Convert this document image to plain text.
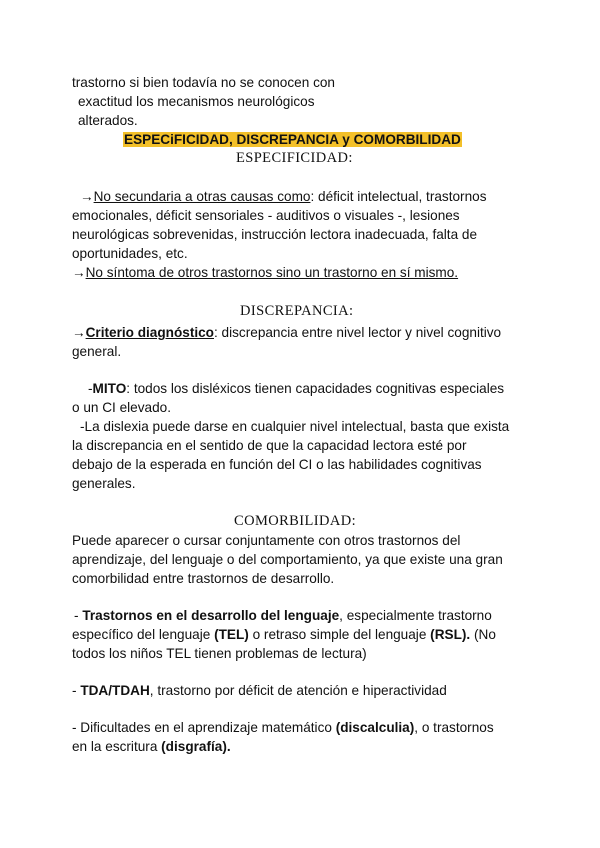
trastorno si bien todavía no se conocen con
exactitud los mecanismos neurológicos
alterados.
ESPECiFICIDAD, DISCREPANCIA y COMORBILIDAD
ESPECIFICIDAD:
→No secundaria a otras causas como: déficit intelectual, trastornos
emocionales, déficit sensoriales - auditivos o visuales -, lesiones
neurológicas sobrevenidas, instrucción lectora inadecuada, falta de
oportunidades, etc.
→No síntoma de otros trastornos sino un trastorno en sí mismo.
DISCREPANCIA:
→Criterio diagnóstico: discrepancia entre nivel lector y nivel cognitivo
general.
-MITO: todos los disléxicos tienen capacidades cognitivas especiales
o un CI elevado.
-La dislexia puede darse en cualquier nivel intelectual, basta que exista
la discrepancia en el sentido de que la capacidad lectora esté por
debajo de la esperada en función del CI o las habilidades cognitivas
generales.
COMORBILIDAD:
Puede aparecer o cursar conjuntamente con otros trastornos del
aprendizaje, del lenguaje o del comportamiento, ya que existe una gran
comorbilidad entre trastornos de desarrollo.
- Trastornos en el desarrollo del lenguaje, especialmente trastorno
específico del lenguaje (TEL) o retraso simple del lenguaje (RSL). (No
todos los niños TEL tienen problemas de lectura)
- TDA/TDAH, trastorno por déficit de atención e hiperactividad
- Dificultades en el aprendizaje matemático (discalculia), o trastornos
en la escritura (disgrafía).
